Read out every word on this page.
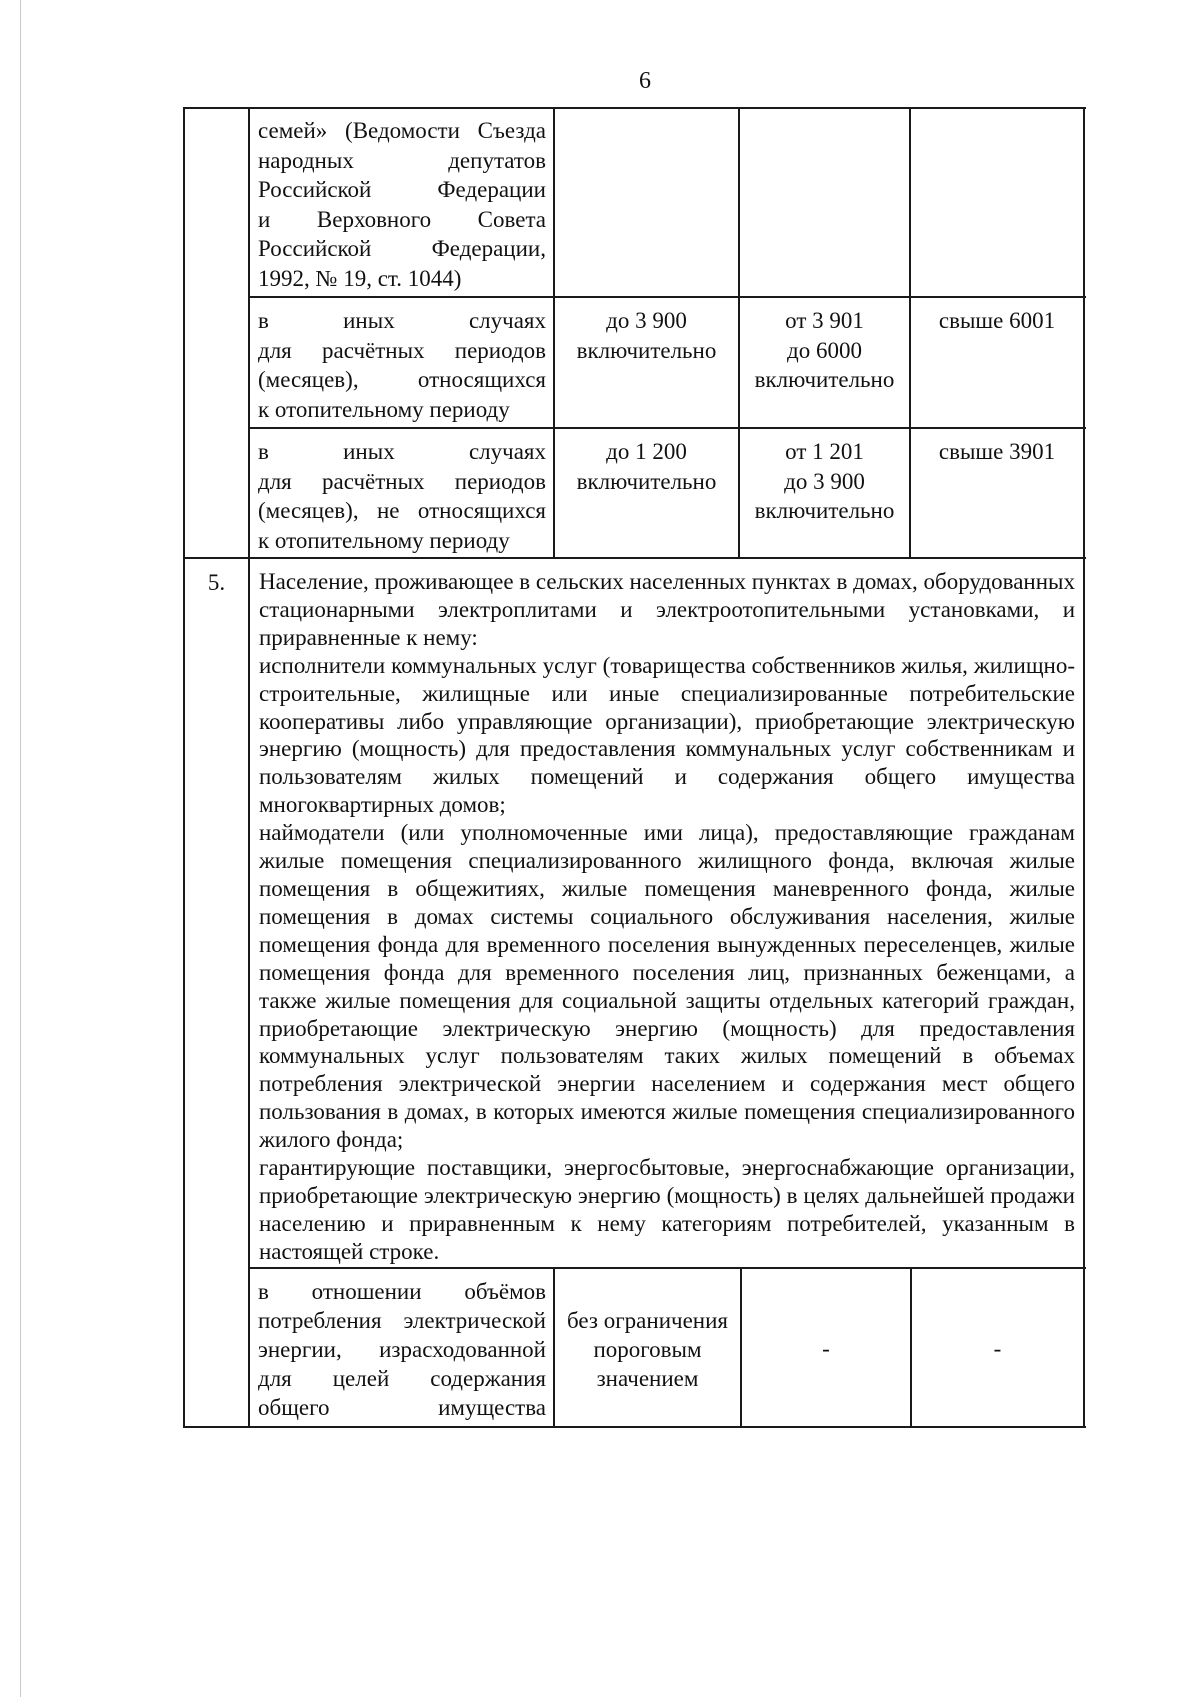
6
семей» (Ведомости Съезда
народных депутатов
Российской Федерации
и Верховного Совета
Российской Федерации,
1992, № 19, ст. 1044)
в иных случаях
для расчётных периодов
(месяцев), относящихся
к отопительному периоду
до 3 900
включительно
от 3 901
до 6000
включительно
свыше 6001
в иных случаях
для расчётных периодов
(месяцев), не относящихся
к отопительному периоду
до 1 200
включительно
от 1 201
до 3 900
включительно
свыше 3901
5.	Население, проживающее в сельских населенных пунктах в домах, оборудованных стационарными электроплитами и электроотопительными установками, и приравненные к нему:
исполнители коммунальных услуг (товарищества собственников жилья, жилищно-строительные, жилищные или иные специализированные потребительские кооперативы либо управляющие организации), приобретающие электрическую энергию (мощность) для предоставления коммунальных услуг собственникам и пользователям жилых помещений и содержания общего имущества многоквартирных домов;
наймодатели (или уполномоченные ими лица), предоставляющие гражданам жилые помещения специализированного жилищного фонда, включая жилые помещения в общежитиях, жилые помещения маневренного фонда, жилые помещения в домах системы социального обслуживания населения, жилые помещения фонда для временного поселения вынужденных переселенцев, жилые помещения фонда для временного поселения лиц, признанных беженцами, а также жилые помещения для социальной защиты отдельных категорий граждан, приобретающие электрическую энергию (мощность) для предоставления коммунальных услуг пользователям таких жилых помещений в объемах потребления электрической энергии населением и содержания мест общего пользования в домах, в которых имеются жилые помещения специализированного жилого фонда;
гарантирующие поставщики, энергосбытовые, энергоснабжающие организации, приобретающие электрическую энергию (мощность) в целях дальнейшей продажи населению и приравненным к нему категориям потребителей, указанным в настоящей строке.
в отношении объёмов
потребления электрической
энергии, израсходованной
для целей содержания
общего имущества
без ограничения
пороговым
значением
-	-
